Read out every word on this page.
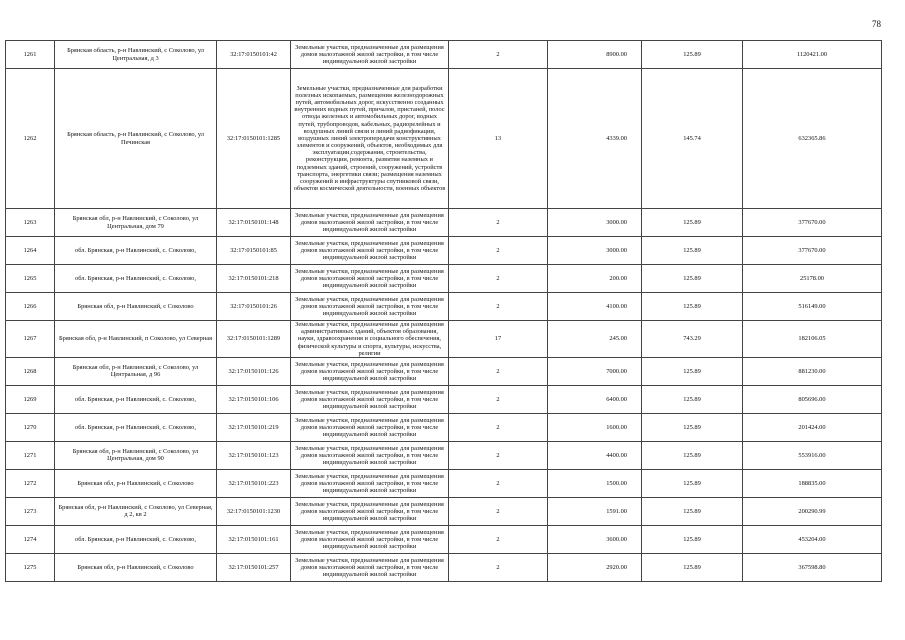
78
1261	Брянская область, р-н Навлинский, с Соколово, ул Центральная, д 3	32:17:0150101:42	Земельные участки, предназначенные для размещения домов малоэтажной жилой застройки, в том числе индивидуальной жилой застройки	2	8900.00	125.89	1120421.00
1262	Брянская область, р-н Навлинский, с Соколово, ул Печинская	32:17:0150101:1285	Земельные участки, предназначенные для разработки полезных ископаемых, размещения железнодорожных путей, автомобильных дорог, искусственно созданных внутренних водных путей, причалов, пристаней, полос отвода железных и автомобильных дорог, водных путей, трубопроводов, кабельных, радиорелейных и воздушных линий связи и линий радиофикации, воздушных линий электропередачи конструктивных элементов и сооружений, объектов, необходимых для эксплуатации,содержания, строительства, реконструкции, ремонта, развития наземных и подземных зданий, строений, сооружений, устройств транспорта, энергетики связи; размещения наземных сооружений и инфраструктуры спутниковой связи, объектов космической деятельности, военных объектов	13	4339.00	145.74	632365.86
1263	Брянская обл, р-н Навлинский, с Соколово, ул Центральная, дом 79	32:17:0150101:148	Земельные участки, предназначенные для размещения домов малоэтажной жилой застройки, в том числе индивидуальной жилой застройки	2	3000.00	125.89	377670.00
1264	обл. Брянская, р-н Навлинский, с. Соколово,	32:17:0150101:85	Земельные участки, предназначенные для размещения домов малоэтажной жилой застройки, в том числе индивидуальной жилой застройки	2	3000.00	125.89	377670.00
1265	обл. Брянская, р-н Навлинский, с. Соколово,	32:17:0150101:218	Земельные участки, предназначенные для размещения домов малоэтажной жилой застройки, в том числе индивидуальной жилой застройки	2	200.00	125.89	25178.00
1266	Брянская обл, р-н Навлинский, с Соколово	32:17:0150101:26	Земельные участки, предназначенные для размещения домов малоэтажной жилой застройки, в том числе индивидуальной жилой застройки	2	4100.00	125.89	516149.00
1267	Брянская обл, р-н Навлинский, п Соколово, ул Северная	32:17:0150101:1289	Земельные участки, предназначенные для размещения административных зданий, объектов образования, науки, здравоохранения и социального обеспечения, физической культуры и спорта, культуры, искусства, религии	17	245.00	743.29	182106.05
1268	Брянская обл, р-н Навлинский, с Соколово, ул Центральная, д 96	32:17:0150101:126	Земельные участки, предназначенные для размещения домов малоэтажной жилой застройки, в том числе индивидуальной жилой застройки	2	7000.00	125.89	881230.00
1269	обл. Брянская, р-н Навлинский, с. Соколово,	32:17:0150101:106	Земельные участки, предназначенные для размещения домов малоэтажной жилой застройки, в том числе индивидуальной жилой застройки	2	6400.00	125.89	805696.00
1270	обл. Брянская, р-н Навлинский, с. Соколово,	32:17:0150101:219	Земельные участки, предназначенные для размещения домов малоэтажной жилой застройки, в том числе индивидуальной жилой застройки	2	1600.00	125.89	201424.00
1271	Брянская обл, р-н Навлинский, с Соколово, ул Центральная, дом 90	32:17:0150101:123	Земельные участки, предназначенные для размещения домов малоэтажной жилой застройки, в том числе индивидуальной жилой застройки	2	4400.00	125.89	553916.00
1272	Брянская обл, р-н Навлинский, с Соколово	32:17:0150101:223	Земельные участки, предназначенные для размещения домов малоэтажной жилой застройки, в том числе индивидуальной жилой застройки	2	1500.00	125.89	188835.00
1273	Брянская обл, р-н Навлинский, с Соколово, ул Северная, д 2, кв 2	32:17:0150101:1230	Земельные участки, предназначенные для размещения домов малоэтажной жилой застройки, в том числе индивидуальной жилой застройки	2	1591.00	125.89	200290.99
1274	обл. Брянская, р-н Навлинский, с. Соколово,	32:17:0150101:161	Земельные участки, предназначенные для размещения домов малоэтажной жилой застройки, в том числе индивидуальной жилой застройки	2	3600.00	125.89	453204.00
1275	Брянская обл, р-н Навлинский, с Соколово	32:17:0150101:257	Земельные участки, предназначенные для размещения домов малоэтажной жилой застройки, в том числе индивидуальной жилой застройки	2	2920.00	125.89	367598.80
